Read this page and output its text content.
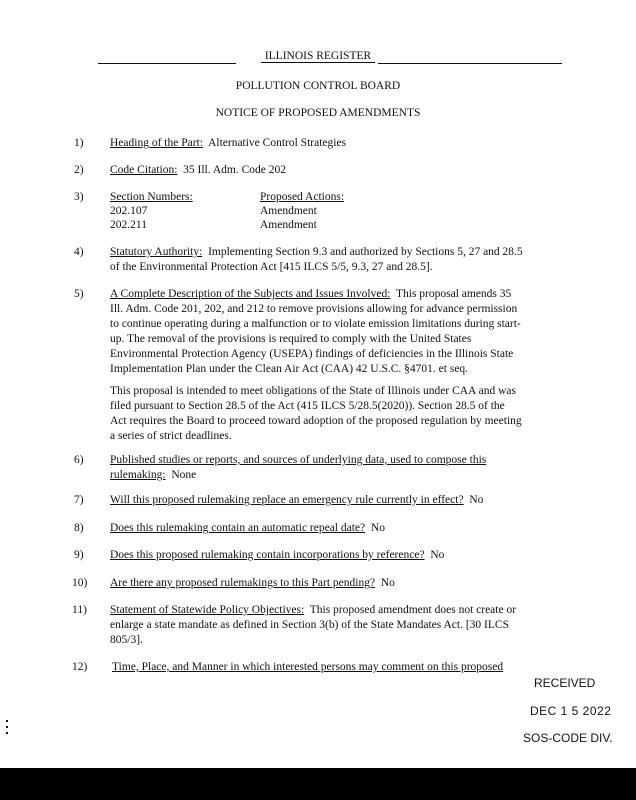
ILLINOIS REGISTER
POLLUTION CONTROL BOARD
NOTICE OF PROPOSED AMENDMENTS
1) Heading of the Part: Alternative Control Strategies
2) Code Citation: 35 Ill. Adm. Code 202
3) Section Numbers:	Proposed Actions:
202.107	Amendment
202.211	Amendment
4) Statutory Authority: Implementing Section 9.3 and authorized by Sections 5, 27 and 28.5
of the Environmental Protection Act [415 ILCS 5/5, 9.3, 27 and 28.5].
5) A Complete Description of the Subjects and Issues Involved: This proposal amends 35
Ill. Adm. Code 201, 202, and 212 to remove provisions allowing for advance permission
to continue operating during a malfunction or to violate emission limitations during start-
up. The removal of the provisions is required to comply with the United States
Environmental Protection Agency (USEPA) findings of deficiencies in the Illinois State
Implementation Plan under the Clean Air Act (CAA) 42 U.S.C. §4701. et seq.
This proposal is intended to meet obligations of the State of Illinois under CAA and was
filed pursuant to Section 28.5 of the Act (415 ILCS 5/28.5(2020)). Section 28.5 of the
Act requires the Board to proceed toward adoption of the proposed regulation by meeting
a series of strict deadlines.
6) Published studies or reports, and sources of underlying data, used to compose this
rulemaking: None
7) Will this proposed rulemaking replace an emergency rule currently in effect? No
8) Does this rulemaking contain an automatic repeal date? No
9) Does this proposed rulemaking contain incorporations by reference? No
10) Are there any proposed rulemakings to this Part pending? No
11) Statement of Statewide Policy Objectives: This proposed amendment does not create or
enlarge a state mandate as defined in Section 3(b) of the State Mandates Act. [30 ILCS
805/3].
12) Time, Place, and Manner in which interested persons may comment on this proposed
RECEIVED
DEC 1 5 2022
SOS-CODE DIV.
